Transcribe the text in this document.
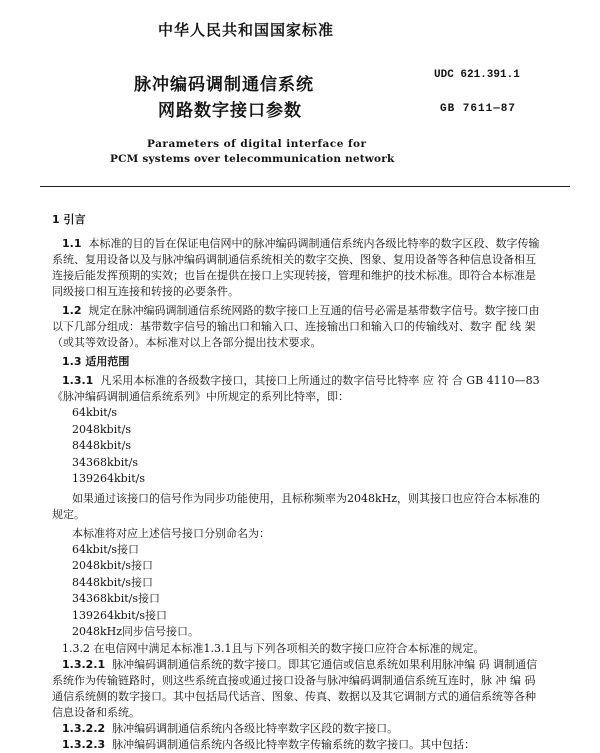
中华人民共和国国家标准
UDC 621.391.1
脉冲编码调制通信系统
网路数字接口参数	GB 7611—87
Parameters of digital interface for
PCM systems over telecommunication network

1 引言

1.1 本标准的目的旨在保证电信网中的脉冲编码调制通信系统内各级比特率的数字区段、数字传输

系统、复用设备以及与脉冲编码调制通信系统相关的数字交换、图象、复用设备等各种信息设备相互

连接后能发挥预期的实效；也旨在提供在接口上实现转接，管理和维护的技术标准。即符合本标准是

同级接口相互连接和转接的必要条件。

1.2 规定在脉冲编码调制通信系统网路的数字接口上互通的信号必需是基带数字信号。数字接口由

以下几部分组成：基带数字信号的输出口和输入口、连接输出口和输入口的传输线对、数字 配 线 架

（或其等效设备）。本标准对以上各部分提出技术要求。

1.3 适用范围

1.3.1 凡采用本标准的各级数字接口，其接口上所通过的数字信号比特率 应 符 合 GB 4110—83

《脉冲编码调制通信系统系列》中所规定的系列比特率，即：

64kbit/s

2048kbit/s

8448kbit/s

34368kbit/s

139264kbit/s

如果通过该接口的信号作为同步功能使用，且标称频率为2048kHz，则其接口也应符合本标准的

规定。

本标准将对应上述信号接口分别命名为：

64kbit/s接口

2048kbit/s接口

8448kbit/s接口

34368kbit/s接口

139264kbit/s接口

2048kHz同步信号接口。

1.3.2 在电信网中满足本标准1.3.1且与下列各项相关的数字接口应符合本标准的规定。

1.3.2.1 脉冲编码调制通信系统的数字接口。即其它通信或信息系统如果利用脉冲编 码 调制通信

系统作为传输链路时，则这些系统直接或通过接口设备与脉冲编码调制通信系统互连时，脉 冲 编 码

通信系统侧的数字接口。其中包括局代话音、图象、传真、数据以及其它调制方式的通信系统等各种

信息设备和系统。

1.3.2.2 脉冲编码调制通信系统内各级比特率数字区段的数字接口。

1.3.2.3 脉冲编码调制通信系统内各级比特率数字传输系统的数字接口。其中包括：
